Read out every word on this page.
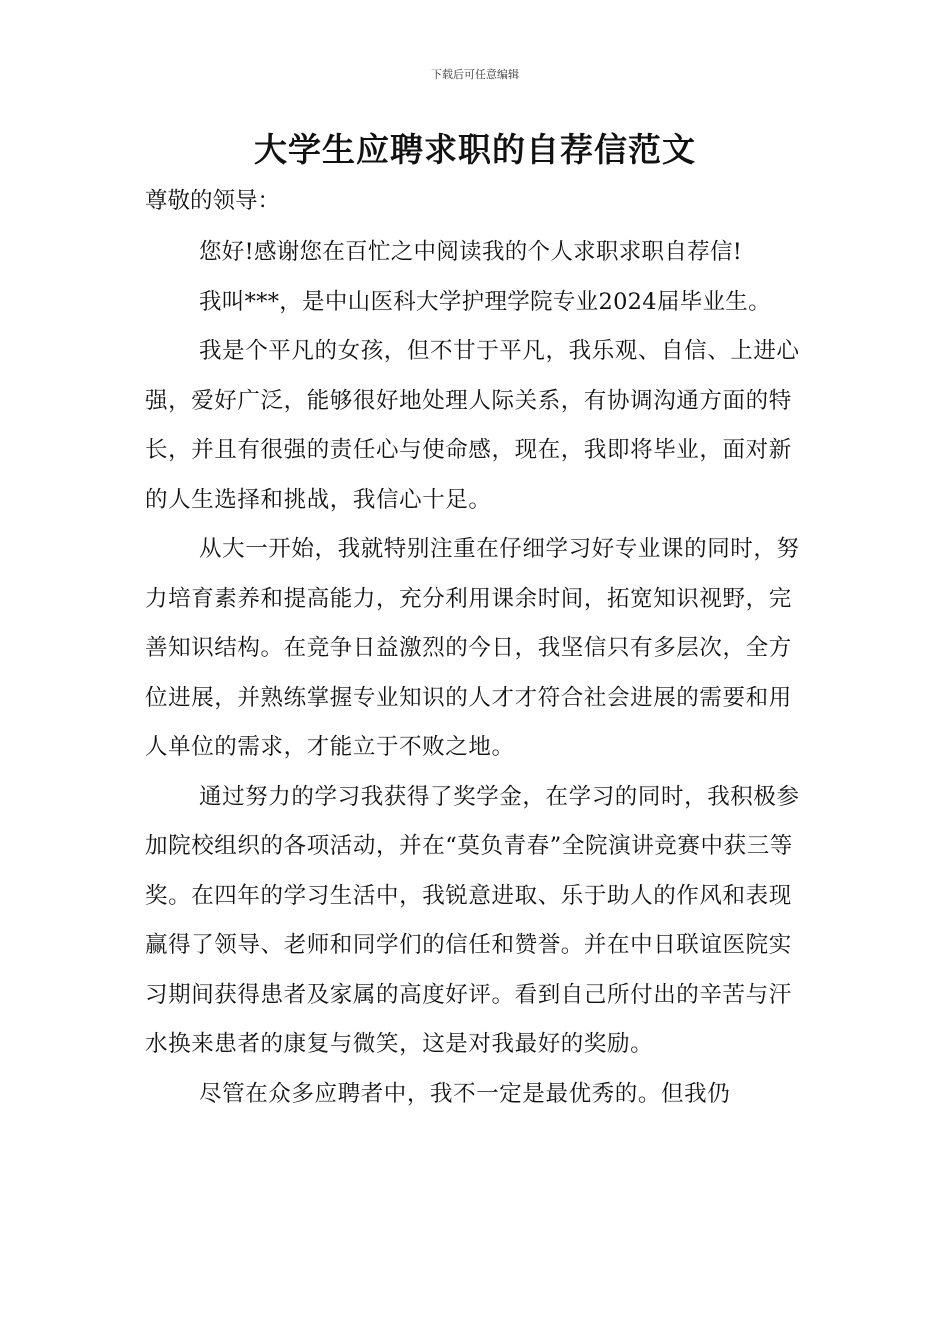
下载后可任意编辑
大学生应聘求职的自荐信范文

尊敬的领导：

您好!感谢您在百忙之中阅读我的个人求职求职自荐信!

我叫***，是中山医科大学护理学院专业2024届毕业生。

我是个平凡的女孩，但不甘于平凡，我乐观、自信、上进心强，爱好广泛，能够很好地处理人际关系，有协调沟通方面的特长，并且有很强的责任心与使命感，现在，我即将毕业，面对新的人生选择和挑战，我信心十足。

从大一开始，我就特别注重在仔细学习好专业课的同时，努力培育素养和提高能力，充分利用课余时间，拓宽知识视野，完善知识结构。在竞争日益激烈的今日，我坚信只有多层次，全方位进展，并熟练掌握专业知识的人才才符合社会进展的需要和用人单位的需求，才能立于不败之地。

通过努力的学习我获得了奖学金，在学习的同时，我积极参加院校组织的各项活动，并在“莫负青春”全院演讲竞赛中获三等奖。在四年的学习生活中，我锐意进取、乐于助人的作风和表现赢得了领导、老师和同学们的信任和赞誉。并在中日联谊医院实习期间获得患者及家属的高度好评。看到自己所付出的辛苦与汗水换来患者的康复与微笑，这是对我最好的奖励。

尽管在众多应聘者中，我不一定是最优秀的。但我仍
